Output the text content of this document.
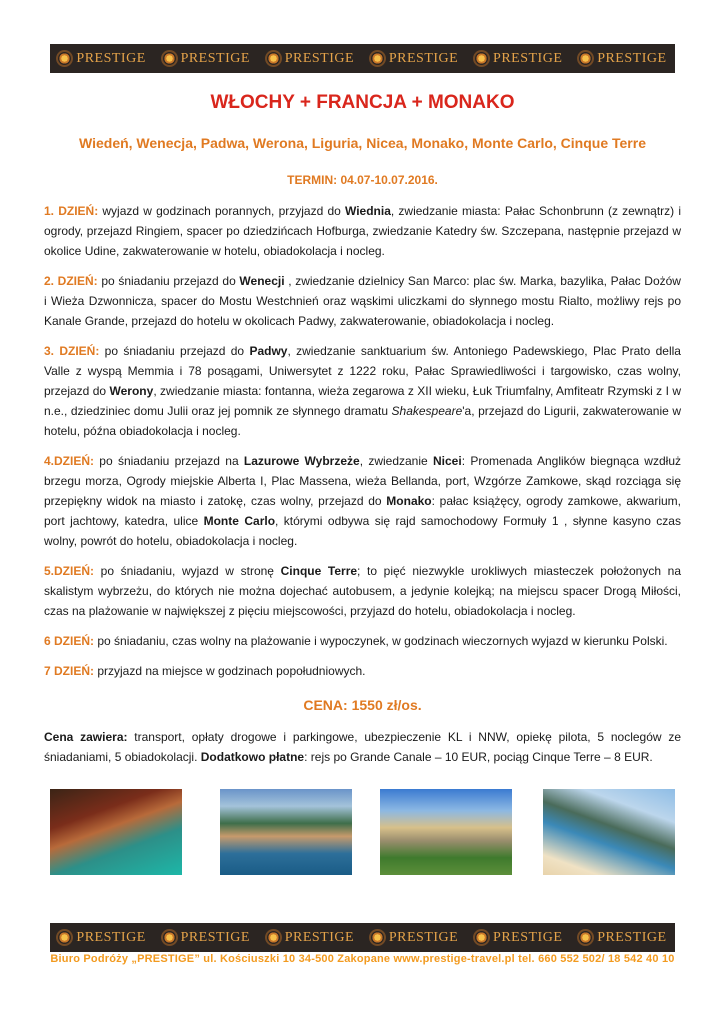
PRESTIGE PRESTIGE PRESTIGE PRESTIGE PRESTIGE PRESTIGE
WŁOCHY + FRANCJA + MONAKO
Wiedeń, Wenecja, Padwa, Werona, Liguria, Nicea, Monako, Monte Carlo, Cinque Terre
TERMIN: 04.07-10.07.2016.
1. DZIEŃ: wyjazd w godzinach porannych, przyjazd do Wiednia, zwiedzanie miasta: Pałac Schonbrunn (z zewnątrz) i ogrody, przejazd Ringiem, spacer po dziedzińcach Hofburga, zwiedzanie Katedry św. Szczepana, następnie przejazd w okolice Udine, zakwaterowanie w hotelu, obiadokolacja i nocleg.
2. DZIEŃ: po śniadaniu przejazd do Wenecji , zwiedzanie dzielnicy San Marco: plac św. Marka, bazylika, Pałac Dożów i Wieża Dzwonnicza, spacer do Mostu Westchnień oraz wąskimi uliczkami do słynnego mostu Rialto, możliwy rejs po Kanale Grande, przejazd do hotelu w okolicach Padwy, zakwaterowanie, obiadokolacja i nocleg.
3. DZIEŃ: po śniadaniu przejazd do Padwy, zwiedzanie sanktuarium św. Antoniego Padewskiego, Plac Prato della Valle z wyspą Memmia i 78 posągami, Uniwersytet z 1222 roku, Pałac Sprawiedliwości i targowisko, czas wolny, przejazd do Werony, zwiedzanie miasta: fontanna, wieża zegarowa z XII wieku, Łuk Triumfalny, Amfiteatr Rzymski z I w n.e., dziedziniec domu Julii oraz jej pomnik ze słynnego dramatu Shakespeare'a, przejazd do Ligurii, zakwaterowanie w hotelu, późna obiadokolacja i nocleg.
4.DZIEŃ: po śniadaniu przejazd na Lazurowe Wybrzeże, zwiedzanie Nicei: Promenada Anglików biegnąca wzdłuż brzegu morza, Ogrody miejskie Alberta I, Plac Massena, wieża Bellanda, port, Wzgórze Zamkowe, skąd rozciąga się przepiękny widok na miasto i zatokę, czas wolny, przejazd do Monako: pałac książęcy, ogrody zamkowe, akwarium, port jachtowy, katedra, ulice Monte Carlo, którymi odbywa się rajd samochodowy Formuły 1 , słynne kasyno czas wolny, powrót do hotelu, obiadokolacja i nocleg.
5.DZIEŃ: po śniadaniu, wyjazd w stronę Cinque Terre; to pięć niezwykle urokliwych miasteczek położonych na skalistym wybrzeżu, do których nie można dojechać autobusem, a jedynie kolejką; na miejscu spacer Drogą Miłości, czas na plażowanie w największej z pięciu miejscowości, przyjazd do hotelu, obiadokolacja i nocleg.
6 DZIEŃ: po śniadaniu, czas wolny na plażowanie i wypoczynek, w godzinach wieczornych wyjazd w kierunku Polski.
7 DZIEŃ: przyjazd na miejsce w godzinach popołudniowych.
CENA: 1550 zł/os.
Cena zawiera: transport, opłaty drogowe i parkingowe, ubezpieczenie KL i NNW, opiekę pilota, 5 noclegów ze śniadaniami, 5 obiadokolacji. Dodatkowo płatne: rejs po Grande Canale – 10 EUR, pociąg Cinque Terre – 8 EUR.
PRESTIGE PRESTIGE PRESTIGE PRESTIGE PRESTIGE PRESTIGE
Biuro Podróży „PRESTIGE” ul. Kościuszki 10 34-500 Zakopane www.prestige-travel.pl tel. 660 552 502/ 18 542 40 10
